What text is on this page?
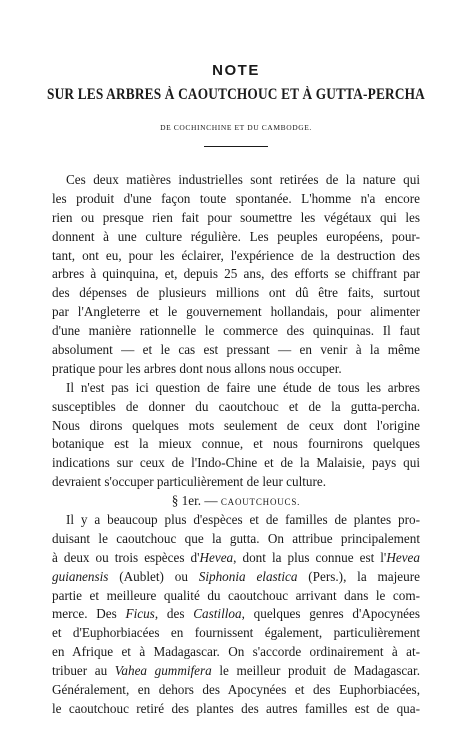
NOTE
SUR LES ARBRES À CAOUTCHOUC ET À GUTTA-PERCHA
DE COCHINCHINE ET DU CAMBODGE.
Ces deux matières industrielles sont retirées de la nature qui
les produit d'une façon toute spontanée. L'homme n'a encore
rien ou presque rien fait pour soumettre les végétaux qui les
donnent à une culture régulière. Les peuples européens, pour-
tant, ont eu, pour les éclairer, l'expérience de la destruction des
arbres à quinquina, et, depuis 25 ans, des efforts se chiffrant par
des dépenses de plusieurs millions ont dû être faits, surtout
par l'Angleterre et le gouvernement hollandais, pour alimenter
d'une manière rationnelle le commerce des quinquinas. Il faut
absolument — et le cas est pressant — en venir à la même
pratique pour les arbres dont nous allons nous occuper.
Il n'est pas ici question de faire une étude de tous les arbres
susceptibles de donner du caoutchouc et de la gutta-percha.
Nous dirons quelques mots seulement de ceux dont l'origine
botanique est la mieux connue, et nous fournirons quelques
indications sur ceux de l'Indo-Chine et de la Malaisie, pays qui
devraient s'occuper particulièrement de leur culture.
§ 1er. — CAOUTCHOUCS.
Il y a beaucoup plus d'espèces et de familles de plantes pro-
duisant le caoutchouc que la gutta. On attribue principalement
à deux ou trois espèces d'Hevea, dont la plus connue est l'Hevea
guianensis (Aublet) ou Siphonia elastica (Pers.), la majeure
partie et meilleure qualité du caoutchouc arrivant dans le com-
merce. Des Ficus, des Castilloa, quelques genres d'Apocynées
et d'Euphorbiacées en fournissent également, particulièrement
en Afrique et à Madagascar. On s'accorde ordinairement à at-
tribuer au Vahea gummifera le meilleur produit de Madagascar.
Généralement, en dehors des Apocynées et des Euphorbiacées,
le caoutchouc retiré des plantes des autres familles est de qua-
